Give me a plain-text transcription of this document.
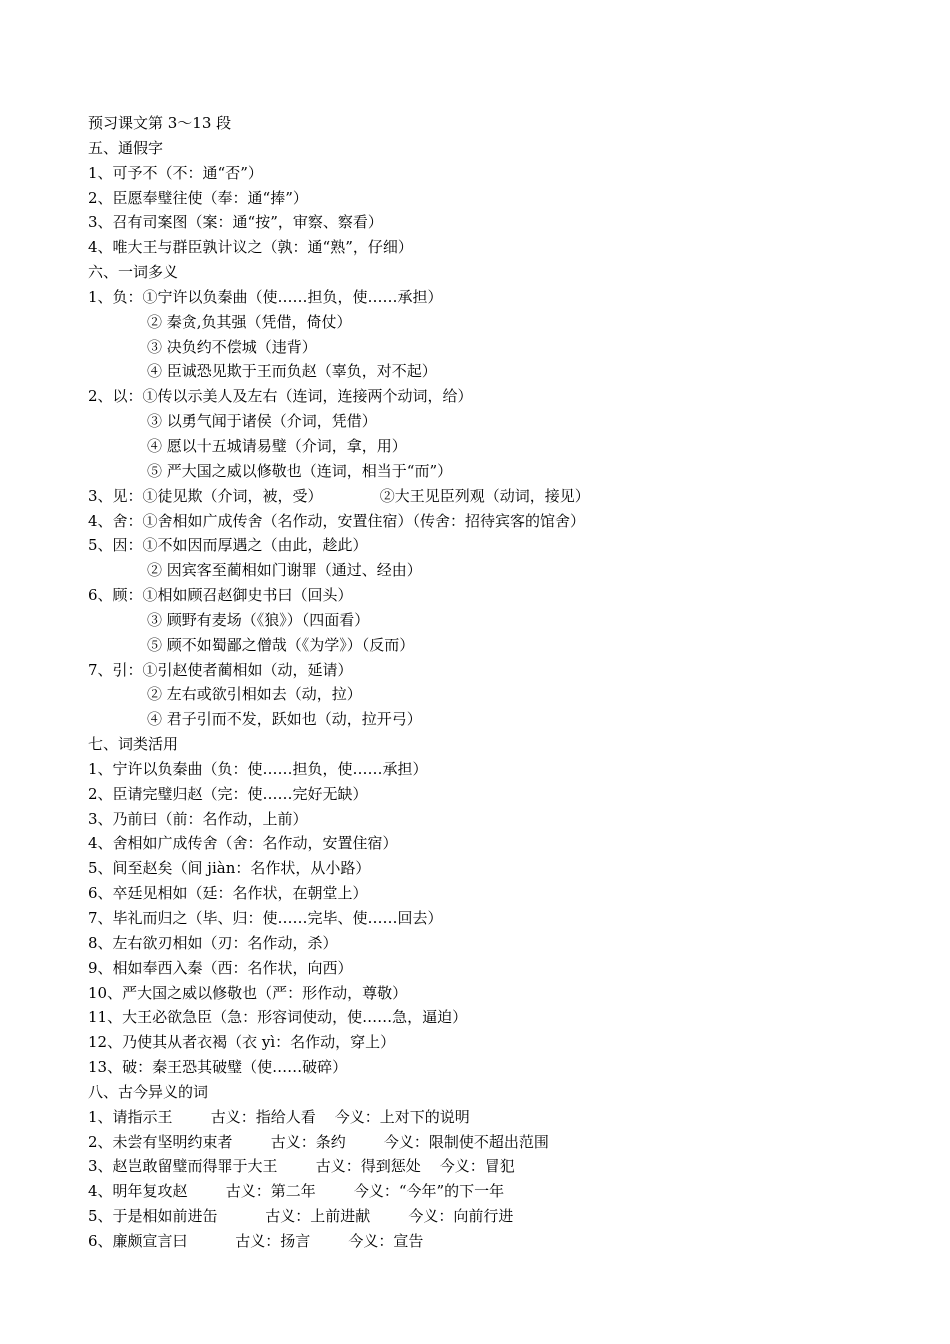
预习课文第 3～13 段
五、通假字
1、可予不（不：通“否”）
2、臣愿奉璧往使（奉：通“捧”）
3、召有司案图（案：通“按”，审察、察看）
4、唯大王与群臣孰计议之（孰：通“熟”，仔细）
六、一词多义
1、负：①宁许以负秦曲（使……担负，使……承担）
② 秦贪,负其强（凭借，倚仗）
③ 决负约不偿城（违背）
④ 臣诚恐见欺于王而负赵（辜负，对不起）
2、以：①传以示美人及左右（连词，连接两个动词，给）
③ 以勇气闻于诸侯（介词，凭借）
④ 愿以十五城请易璧（介词，拿，用）
⑤ 严大国之威以修敬也（连词，相当于“而”）
3、见：①徒见欺（介词，被，受）            ②大王见臣列观（动词，接见）
4、舍：①舍相如广成传舍（名作动，安置住宿）（传舍：招待宾客的馆舍）
5、因：①不如因而厚遇之（由此，趁此）
② 因宾客至蔺相如门谢罪（通过、经由）
6、顾：①相如顾召赵御史书曰（回头）
③ 顾野有麦场（《狼》）（四面看）
⑤ 顾不如蜀鄙之僧哉（《为学》）（反而）
7、引：①引赵使者蔺相如（动，延请）
② 左右或欲引相如去（动，拉）
④ 君子引而不发，跃如也（动，拉开弓）
七、词类活用
1、宁许以负秦曲（负：使……担负，使……承担）
2、臣请完璧归赵（完：使……完好无缺）
3、乃前曰（前：名作动，上前）
4、舍相如广成传舍（舍：名作动，安置住宿）
5、间至赵矣（间 jiàn：名作状，从小路）
6、卒廷见相如（廷：名作状，在朝堂上）
7、毕礼而归之（毕、归：使……完毕、使……回去）
8、左右欲刃相如（刃：名作动，杀）
9、相如奉西入秦（西：名作状，向西）
10、严大国之威以修敬也（严：形作动，尊敬）
11、大王必欲急臣（急：形容词使动，使……急，逼迫）
12、乃使其从者衣褐（衣 yì：名作动，穿上）
13、破：秦王恐其破璧（使……破碎）
八、古今异义的词
1、请指示王        古义：指给人看    今义：上对下的说明
2、未尝有坚明约束者        古义：条约        今义：限制使不超出范围
3、赵岂敢留璧而得罪于大王        古义：得到惩处    今义：冒犯
4、明年复攻赵        古义：第二年        今义：“今年”的下一年
5、于是相如前进缶          古义：上前进献        今义：向前行进
6、廉颇宣言曰          古义：扬言        今义：宣告
